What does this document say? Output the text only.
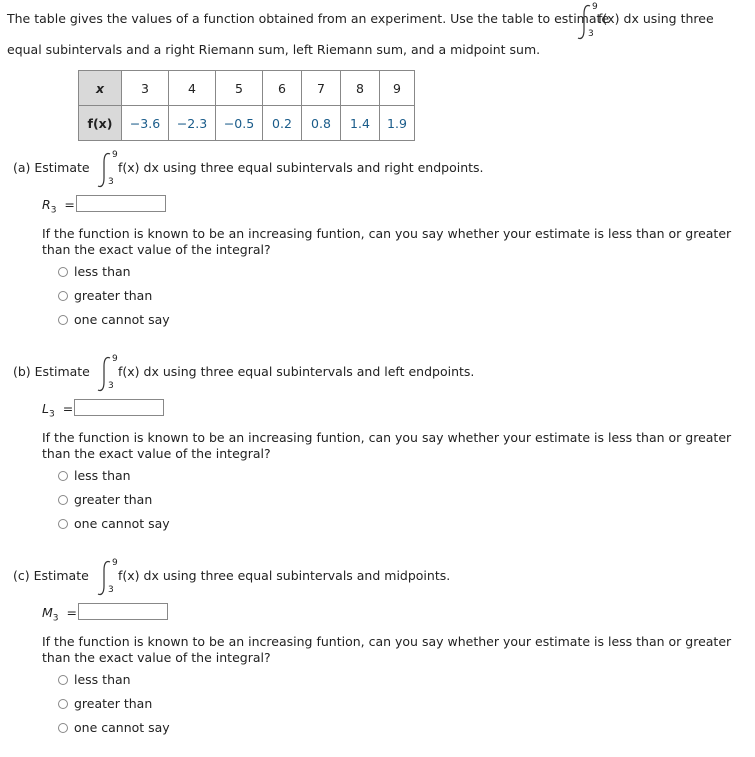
The table gives the values of a function obtained from an experiment. Use the table to estimate
9
3
f(x) dx using three
equal subintervals and a right Riemann sum, left Riemann sum, and a midpoint sum.
x	3	4	5	6	7	8	9
f(x)	−3.6	−2.3	−0.5	0.2	0.8	1.4	1.9
(a) Estimate
9
3
f(x) dx using three equal subintervals and right endpoints.
$R_3$ =
If the function is known to be an increasing funtion, can you say whether your estimate is less than or greater than the exact value of the integral?
less than
greater than
one cannot say
(b) Estimate
9
3
f(x) dx using three equal subintervals and left endpoints.
$L_3$ =
If the function is known to be an increasing funtion, can you say whether your estimate is less than or greater than the exact value of the integral?
less than
greater than
one cannot say
(c) Estimate
9
3
f(x) dx using three equal subintervals and midpoints.
$M_3$ =
If the function is known to be an increasing funtion, can you say whether your estimate is less than or greater than the exact value of the integral?
less than
greater than
one cannot say
